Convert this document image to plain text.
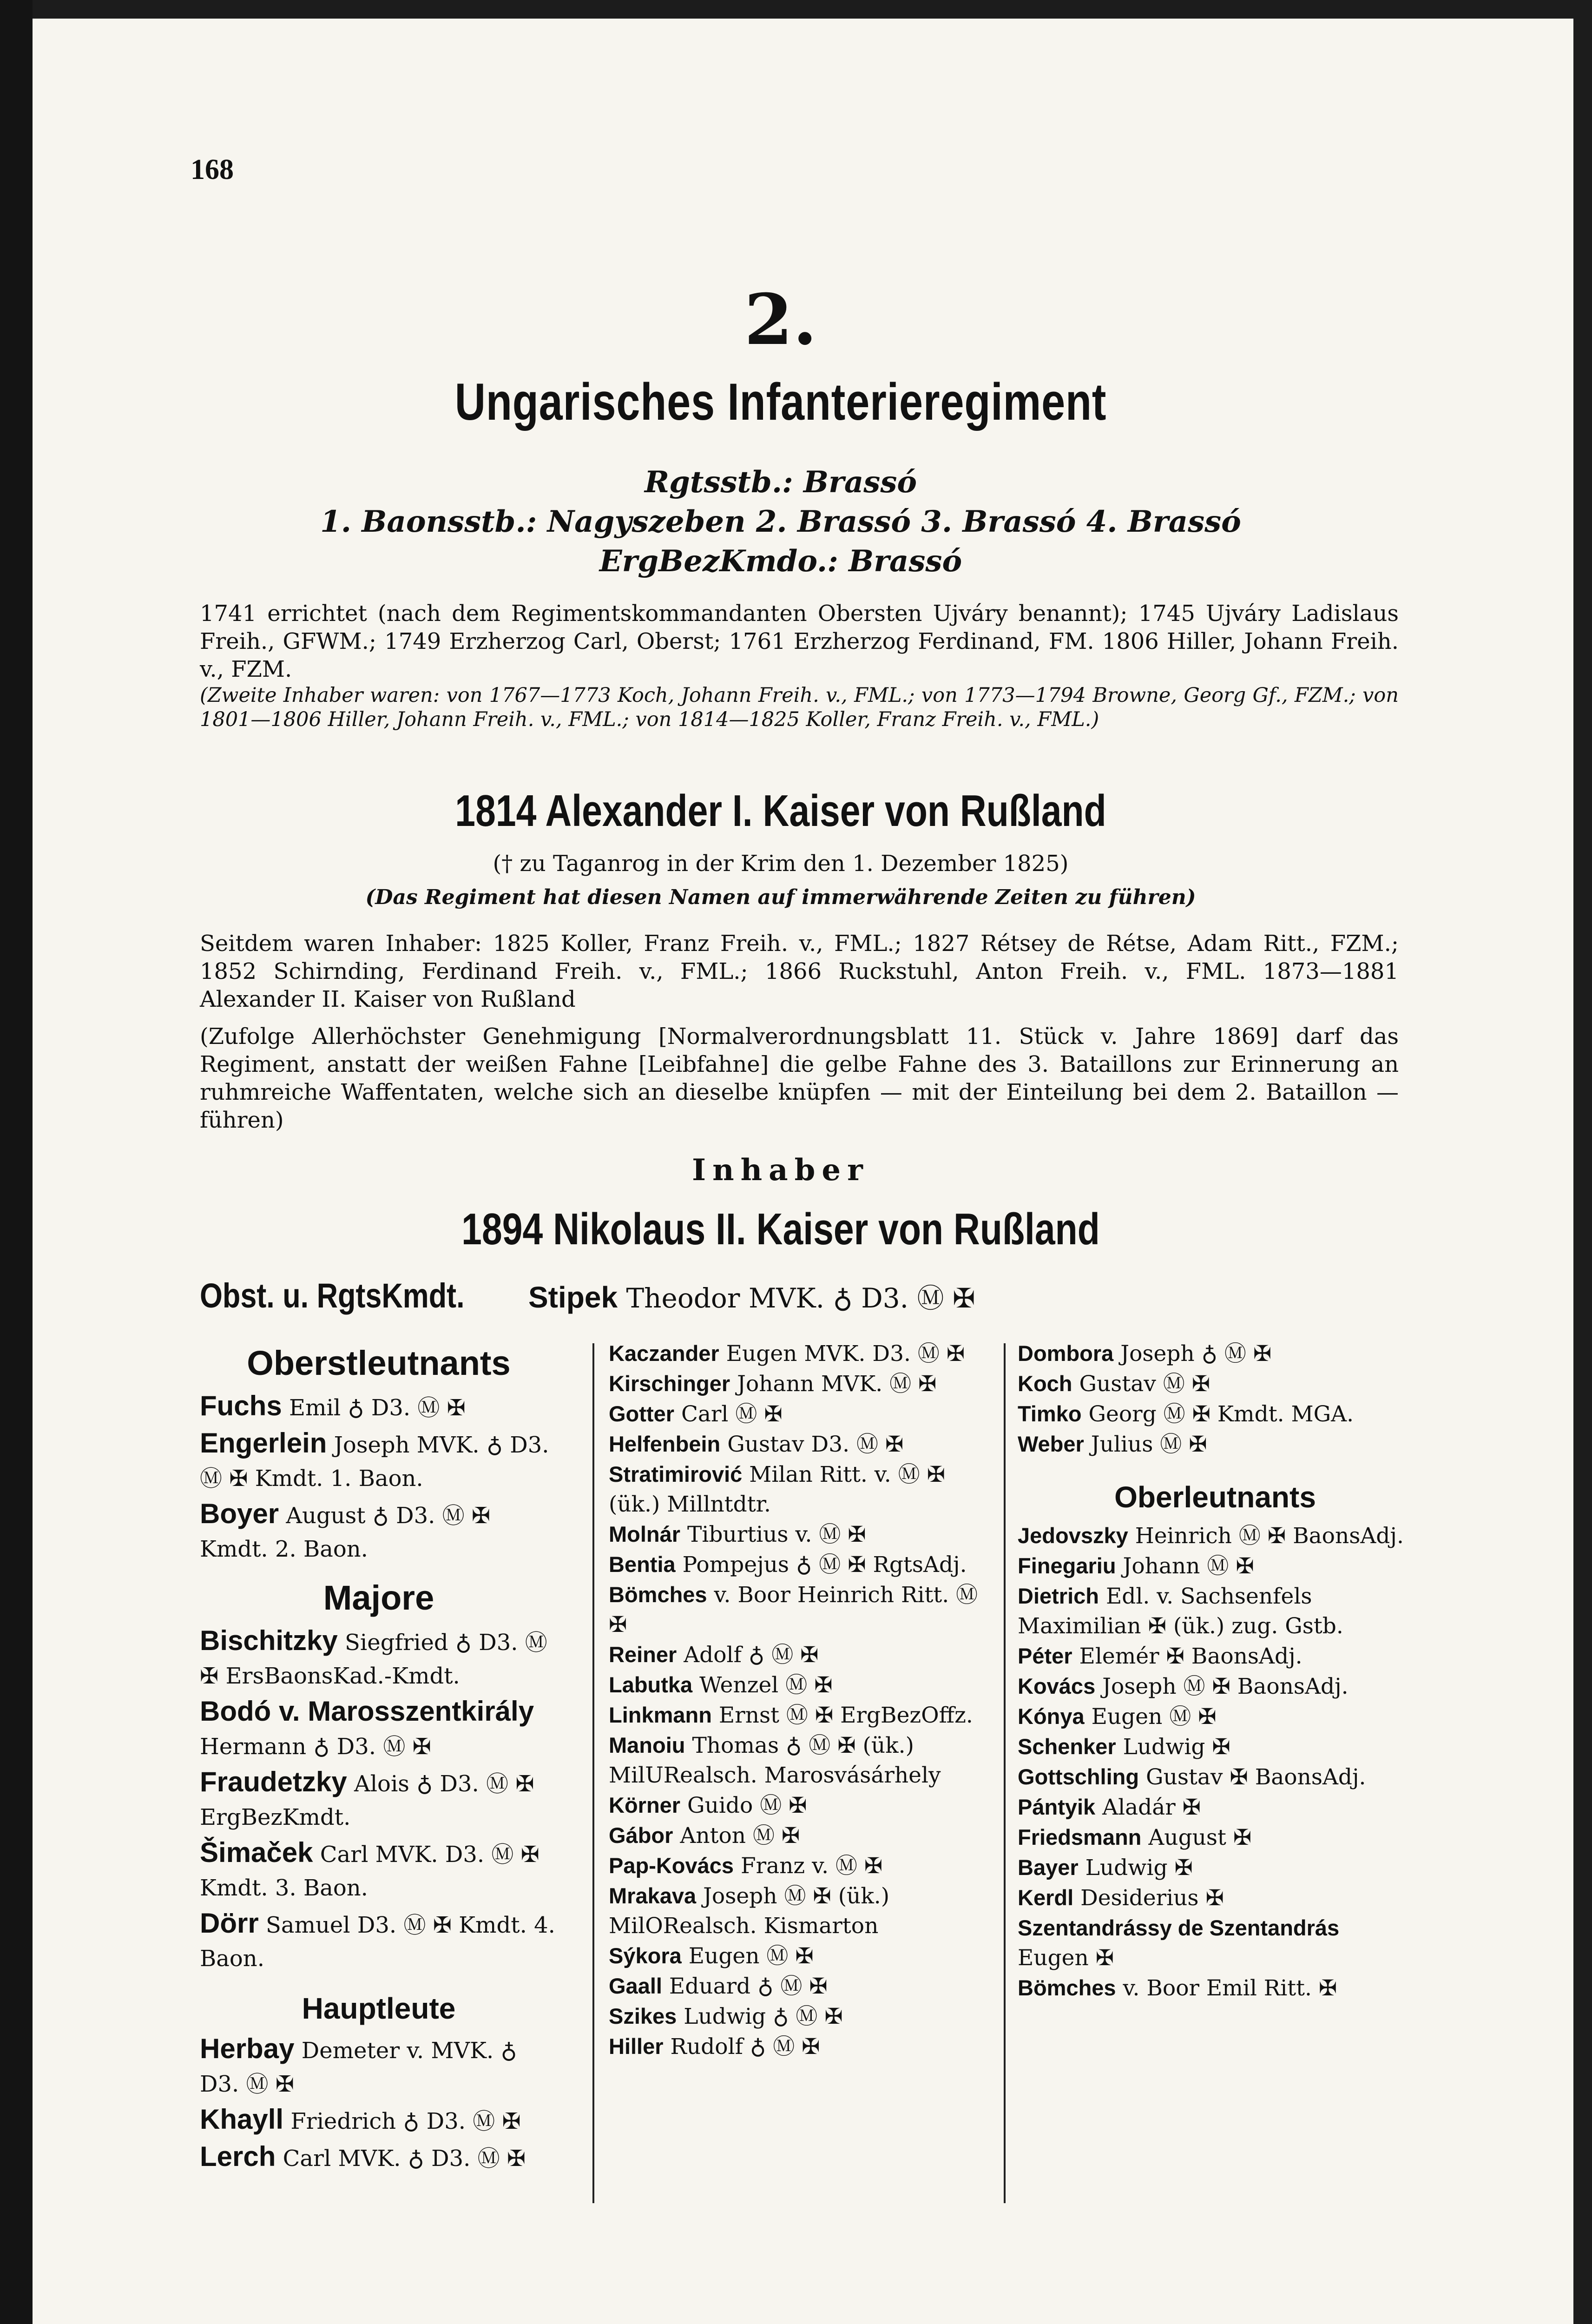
168
2.
Ungarisches Infanterieregiment
Rgtsstb.: Brassó
1. Baonsstb.: Nagyszeben 2. Brassó 3. Brassó 4. Brassó
ErgBezKmdo.: Brassó
1741 errichtet (nach dem Regimentskommandanten Obersten Ujváry benannt); 1745 Ujváry Ladislaus Freih., GFWM.; 1749 Erzherzog Carl, Oberst; 1761 Erzherzog Ferdinand, FM. 1806 Hiller, Johann Freih. v., FZM.
(Zweite Inhaber waren: von 1767—1773 Koch, Johann Freih. v., FML.; von 1773—1794 Browne, Georg Gf., FZM.; von 1801—1806 Hiller, Johann Freih. v., FML.; von 1814—1825 Koller, Franz Freih. v., FML.)
1814 Alexander I. Kaiser von Rußland
(† zu Taganrog in der Krim den 1. Dezember 1825)
(Das Regiment hat diesen Namen auf immerwährende Zeiten zu führen)
Seitdem waren Inhaber: 1825 Koller, Franz Freih. v., FML.; 1827 Rétsey de Rétse, Adam Ritt., FZM.; 1852 Schirnding, Ferdinand Freih. v., FML.; 1866 Ruckstuhl, Anton Freih. v., FML. 1873—1881 Alexander II. Kaiser von Rußland
(Zufolge Allerhöchster Genehmigung [Normalverordnungsblatt 11. Stück v. Jahre 1869] darf das Regiment, anstatt der weißen Fahne [Leibfahne] die gelbe Fahne des 3. Bataillons zur Erinnerung an ruhmreiche Waffentaten, welche sich an dieselbe knüpfen — mit der Einteilung bei dem 2. Bataillon — führen)
Inhaber
1894 Nikolaus II. Kaiser von Rußland
Obst. u. RgtsKmdt. Stipek Theodor MVK. ♁ D3. Ⓜ ✠
Oberstleutnants
Fuchs Emil ♁ D3. Ⓜ ✠
Engerlein Joseph MVK. ♁ D3. Ⓜ ✠ Kmdt. 1. Baon.
Boyer August ♁ D3. Ⓜ ✠ Kmdt. 2. Baon.
Majore
Bischitzky Siegfried ♁ D3. Ⓜ ✠ ErsBaonsKad.-Kmdt.
Bodó v. Marosszentkirály Hermann ♁ D3. Ⓜ ✠
Fraudetzky Alois ♁ D3. Ⓜ ✠ ErgBezKmdt.
Šimaček Carl MVK. D3. Ⓜ ✠ Kmdt. 3. Baon.
Dörr Samuel D3. Ⓜ ✠ Kmdt. 4. Baon.
Hauptleute
Herbay Demeter v. MVK. ♁ D3. Ⓜ ✠
Khayll Friedrich ♁ D3. Ⓜ ✠
Lerch Carl MVK. ♁ D3. Ⓜ ✠
Kaczander Eugen MVK. D3. Ⓜ ✠
Kirschinger Johann MVK. Ⓜ ✠
Gotter Carl Ⓜ ✠
Helfenbein Gustav D3. Ⓜ ✠
Stratimirović Milan Ritt. v. Ⓜ ✠ (ük.) Millntdtr.
Molnár Tiburtius v. Ⓜ ✠
Bentia Pompejus ♁ Ⓜ ✠ RgtsAdj.
Bömches v. Boor Heinrich Ritt. Ⓜ ✠
Reiner Adolf ♁ Ⓜ ✠
Labutka Wenzel Ⓜ ✠
Linkmann Ernst Ⓜ ✠ ErgBezOffz.
Manoiu Thomas ♁ Ⓜ ✠ (ük.) MilURealsch. Marosvásárhely
Körner Guido Ⓜ ✠
Gábor Anton Ⓜ ✠
Pap-Kovács Franz v. Ⓜ ✠
Mrakava Joseph Ⓜ ✠ (ük.) MilORealsch. Kismarton
Sýkora Eugen Ⓜ ✠
Gaall Eduard ♁ Ⓜ ✠
Szikes Ludwig ♁ Ⓜ ✠
Hiller Rudolf ♁ Ⓜ ✠
Dombora Joseph ♁ Ⓜ ✠
Koch Gustav Ⓜ ✠
Timko Georg Ⓜ ✠ Kmdt. MGA.
Weber Julius Ⓜ ✠
Oberleutnants
Jedovszky Heinrich Ⓜ ✠ BaonsAdj.
Finegariu Johann Ⓜ ✠
Dietrich Edl. v. Sachsenfels Maximilian ✠ (ük.) zug. Gstb.
Péter Elemér ✠ BaonsAdj.
Kovács Joseph Ⓜ ✠ BaonsAdj.
Kónya Eugen Ⓜ ✠
Schenker Ludwig ✠
Gottschling Gustav ✠ BaonsAdj.
Pántyik Aladár ✠
Friedsmann August ✠
Bayer Ludwig ✠
Kerdl Desiderius ✠
Szentandrássy de Szentandrás Eugen ✠
Bömches v. Boor Emil Ritt. ✠
